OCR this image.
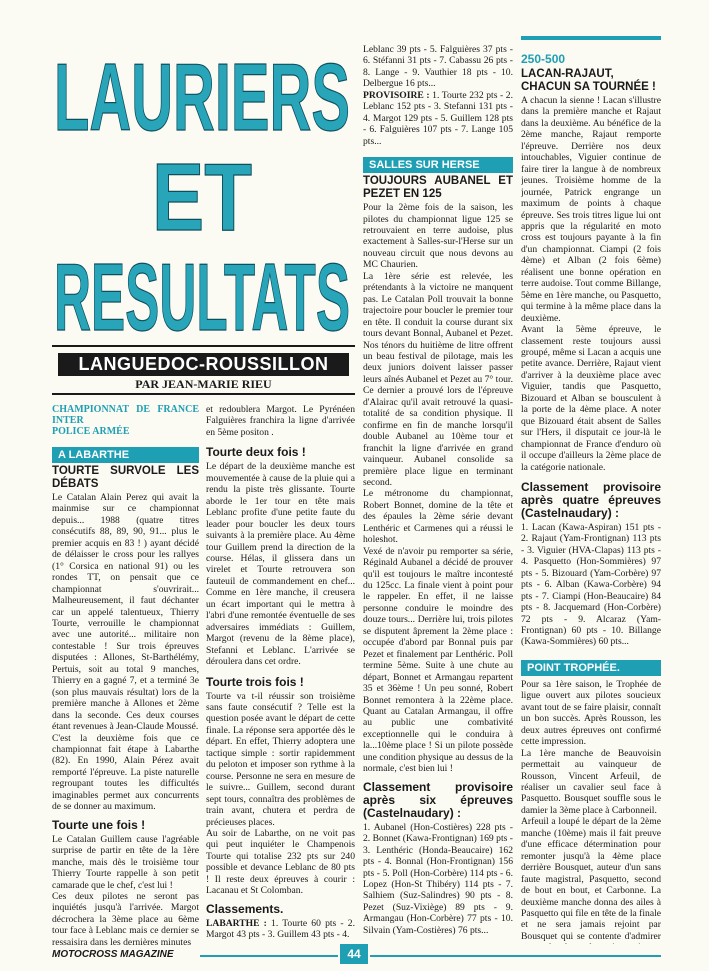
LAURIERS
ET
RESULTATS
LANGUEDOC-ROUSSILLON
PAR JEAN-MARIE RIEU
CHAMPIONNAT DE FRANCE INTER
POLICE ARMÉE
A LABARTHE
TOURTE SURVOLE LES DÉBATS

Le Catalan Alain Perez qui avait la mainmise sur ce championnat depuis... 1988 (quatre titres consécutifs 88, 89, 90, 91... plus le premier acquis en 83 ! ) ayant décidé de délaisser le cross pour les rallyes (1° Corsica en national 91) ou les rondes TT, on pensait que ce championnat s'ouvrirait... Malheureusement, il faut déchanter car un appelé talentueux, Thierry Tourte, verrouille le championnat avec une autorité... militaire non contestable ! Sur trois épreuves disputées : Allones, St-Barthélémy, Pertuis, soit au total 9 manches, Thierry en a gagné 7, et a terminé 3e (son plus mauvais résultat) lors de la première manche à Allones et 2ème dans la seconde. Ces deux courses étant revenues à Jean-Claude Moussé.

C'est la deuxième fois que ce championnat fait étape à Labarthe (82). En 1990, Alain Pérez avait remporté l'épreuve. La piste naturelle regroupant toutes les difficultés imaginables permet aux concurrents de se donner au maximum.

Tourte une fois !

Le Catalan Guillem cause l'agréable surprise de partir en tête de la 1ère manche, mais dès le troisième tour Thierry Tourte rappelle à son petit camarade que le chef, c'est lui !

Ces deux pilotes ne seront pas inquiétés jusqu'à l'arrivée. Margot décrochera la 3ème place au 6ème tour face à Leblanc mais ce dernier se ressaisira dans les dernières minutes

et redoublera Margot. Le Pyrénéen Falguières franchira la ligne d'arrivée en 5ème positon .

Tourte deux fois !

Le départ de la deuxième manche est mouvementée à cause de la pluie qui a rendu la piste très glissante. Tourte aborde le 1er tour en tête mais Leblanc profite d'une petite faute du leader pour boucler les deux tours suivants à la première place. Au 4ème tour Guillem prend la direction de la course. Hélas, il glissera dans un virelet et Tourte retrouvera son fauteuil de commandement en chef... Comme en 1ère manche, il creusera un écart important qui le mettra à l'abri d'une remontée éventuelle de ses adversaires immédiats : Guillem, Margot (revenu de la 8ème place), Stefanni et Leblanc. L'arrivée se déroulera dans cet ordre.

Tourte trois fois !

Tourte va t-il réussir son troisième sans faute consécutif ? Telle est la question posée avant le départ de cette finale. La réponse sera apportée dès le départ. En effet, Thierry adoptera une tactique simple : sortir rapidemment du peloton et imposer son rythme à la course. Personne ne sera en mesure de le suivre... Guillem, second durant sept tours, connaîtra des problèmes de train avant, chutera et perdra de précieuses places.

Au soir de Labarthe, on ne voit pas qui peut inquiéter le Champenois Tourte qui totalise 232 pts sur 240 possible et devance Leblanc de 80 pts ! Il reste deux épreuves à courir : Lacanau et St Colomban.

Classements.

LABARTHE : 1. Tourte 60 pts - 2. Margot 43 pts - 3. Guillem 43 pts - 4.

Leblanc 39 pts - 5. Falguières 37 pts - 6. Stéfanni 31 pts - 7. Cabassu 26 pts - 8. Lange - 9. Vauthier 18 pts - 10. Delbergue 16 pts...

PROVISOIRE : 1. Tourte 232 pts - 2. Leblanc 152 pts - 3. Stefanni 131 pts - 4. Margot 129 pts - 5. Guillem 128 pts - 6. Falguières 107 pts - 7. Lange 105 pts...

SALLES SUR HERSE
TOUJOURS AUBANEL ET PEZET EN 125

Pour la 2ème fois de la saison, les pilotes du championnat ligue 125 se retrouvaient en terre audoise, plus exactement à Salles-sur-l'Herse sur un nouveau circuit que nous devons au MC Chaurien.

La 1ère série est relevée, les prétendants à la victoire ne manquent pas. Le Catalan Poll trouvait la bonne trajectoire pour boucler le premier tour en tête. Il conduit la course durant six tours devant Bonnal, Aubanel et Pezet. Nos ténors du huitième de litre offrent un beau festival de pilotage, mais les deux juniors doivent laisser passer leurs aînés Aubanel et Pezet au 7° tour. Ce dernier a prouvé lors de l'épreuve d'Alairac qu'il avait retrouvé la quasi-totalité de sa condition physique. Il confirme en fin de manche lorsqu'il double Aubanel au 10ème tour et franchit la ligne d'arrivée en grand vainqueur. Aubanel consolide sa première place ligue en terminant second.

Le métronome du championnat, Robert Bonnet, domine de la tête et des épaules la 2ème série devant Lenthéric et Carmenes qui a réussi le holeshot.

Vexé de n'avoir pu remporter sa série, Réginald Aubanel a décidé de prouver qu'il est toujours le maître incontesté du 125cc. La finale vient à point pour le rappeler. En effet, il ne laisse personne conduire le moindre des douze tours... Derrière lui, trois pilotes se disputent âprement la 2ème place : occupée d'abord par Bonnal puis par Pezet et finalement par Lenthéric. Poll termine 5ème. Suite à une chute au départ, Bonnet et Armangau repartent 35 et 36ème ! Un peu sonné, Robert Bonnet remontera à la 22ème place. Quant au Catalan Armangau, il offre au public une combativité exceptionnelle qui le conduira à la...10ème place ! Si un pilote possède une condition physique au dessus de la normale, c'est bien lui !

Classement provisoire après six épreuves (Castelnaudary) :

1. Aubanel (Hon-Costières) 228 pts - 2. Bonnet (Kawa-Frontignan) 169 pts - 3. Lenthéric (Honda-Beaucaire) 162 pts - 4. Bonnal (Hon-Frontignan) 156 pts - 5. Poll (Hon-Corbère) 114 pts - 6. Lopez (Hon-St Thibéry) 114 pts - 7. Salhiem (Suz-Salindres) 90 pts - 8. Pezet (Suz-Vixiège) 89 pts - 9. Armangau (Hon-Corbère) 77 pts - 10. Silvain (Yam-Costières) 76 pts...

250-500
LACAN-RAJAUT, CHACUN SA TOURNÉE !

A chacun la sienne ! Lacan s'illustre dans la première manche et Rajaut dans la deuxième. Au bénéfice de la 2ème manche, Rajaut remporte l'épreuve. Derrière nos deux intouchables, Viguier continue de faire tirer la langue à de nombreux jeunes. Troisième homme de la journée, Patrick engrange un maximum de points à chaque épreuve. Ses trois titres ligue lui ont appris que la régularité en moto cross est toujours payante à la fin d'un championnat. Ciampi (2 fois 4ème) et Alban (2 fois 6ème) réalisent une bonne opération en terre audoise. Tout comme Billange, 5ème en 1ère manche, ou Pasquetto, qui termine à la même place dans la deuxième.

Avant la 5ème épreuve, le classement reste toujours aussi groupé, même si Lacan a acquis une petite avance. Derrière, Rajaut vient d'arriver à la deuxième place avec Viguier, tandis que Pasquetto, Bizouard et Alban se bousculent à la porte de la 4ème place. A noter que Bizouard était absent de Salles sur l'Hers, il disputait ce jour-là le championnat de France d'enduro où il occupe d'ailleurs la 2ème place de la catégorie nationale.

Classement provisoire après quatre épreuves (Castelnaudary) :

1. Lacan (Kawa-Aspiran) 151 pts - 2. Rajaut (Yam-Frontignan) 113 pts - 3. Viguier (HVA-Clapas) 113 pts - 4. Pasquetto (Hon-Sommières) 97 pts - 5. Bizouard (Yam-Corbère) 97 pts - 6. Alban (Kawa-Corbère) 94 pts - 7. Ciampi (Hon-Beaucaire) 84 pts - 8. Jacquemard (Hon-Corbère) 72 pts - 9. Alcaraz (Yam-Frontignan) 60 pts - 10. Billange (Kawa-Sommières) 60 pts...

POINT TROPHÉE.

Pour sa 1ère saison, le Trophée de ligue ouvert aux pilotes soucieux avant tout de se faire plaisir, connaît un bon succès. Après Rousson, les deux autres épreuves ont confirmé cette impression.

La 1ère manche de Beauvoisin permettait au vainqueur de Rousson, Vincent Arfeuil, de réaliser un cavalier seul face à Pasquetto. Bousquet souffle sous le damier la 3ème place à Carbonneil.

Arfeuil a loupé le départ de la 2ème manche (10ème) mais il fait preuve d'une efficace détermination pour remonter jusqu'à la 4ème place derrière Bousquet, auteur d'un sans faute magistral, Pasquetto, second de bout en bout, et Carbonne. La deuxième manche donna des ailes à Pasquetto qui file en tête de la finale et ne sera jamais rejoint par Bousquet qui se contente d'admirer

MOTOCROSS MAGAZINE	44
